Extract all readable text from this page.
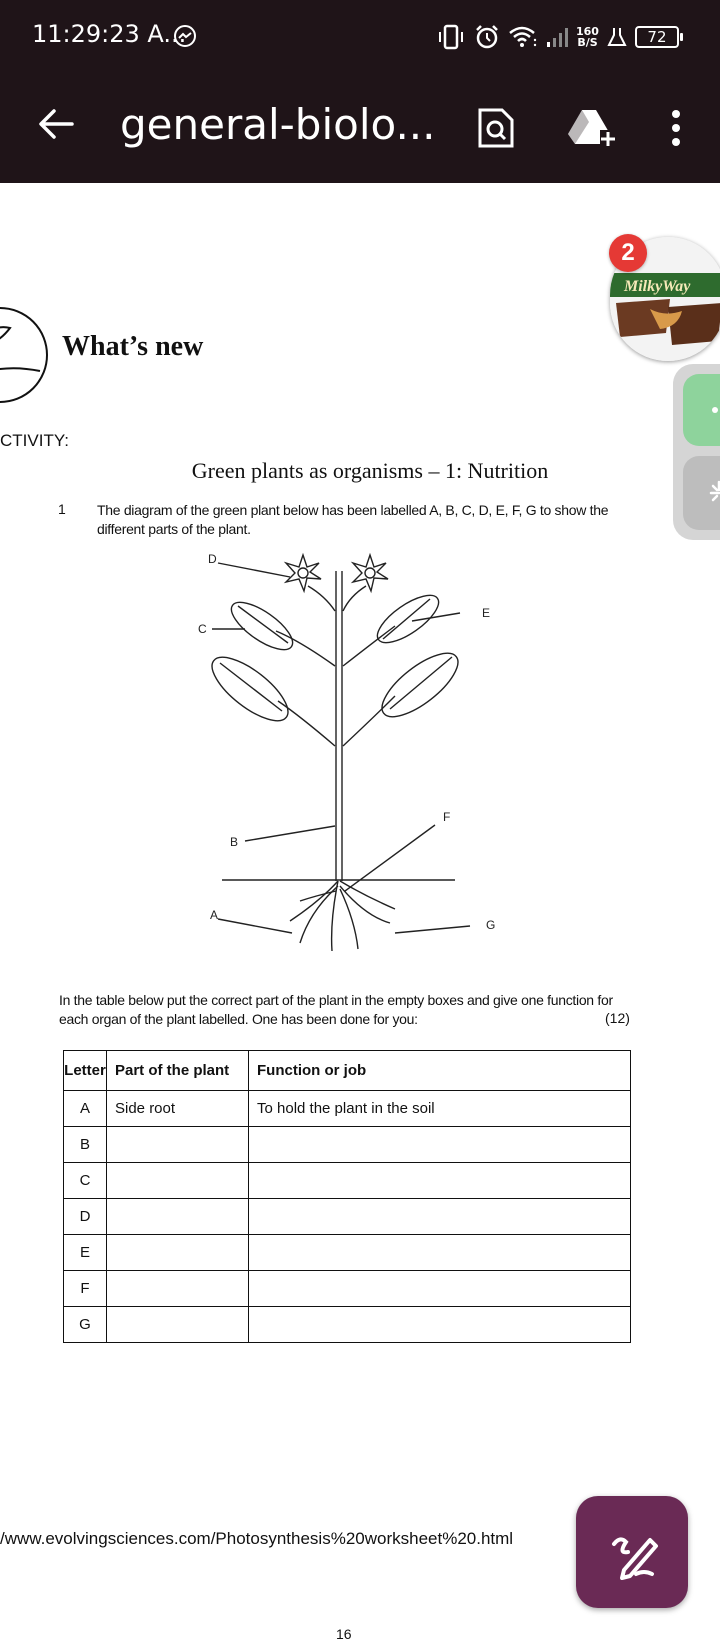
11:29:23 A...	160
B/S	72
general-biolo...
What’s new
CTIVITY:
Green plants as organisms – 1: Nutrition
1 The diagram of the green plant below has been labelled A, B, C, D, E, F, G to show the different parts of the plant.
D
C
E
B
F
A
G
In the table below put the correct part of the plant in the empty boxes and give one function for each organ of the plant labelled. One has been done for you:	(12)
Letter	Part of the plant	Function or job
A	Side root	To hold the plant in the soil
B		
C		
D		
E		
F		
G		
/www.evolvingsciences.com/Photosynthesis%20worksheet%20.html
16
MilkyWay
2
